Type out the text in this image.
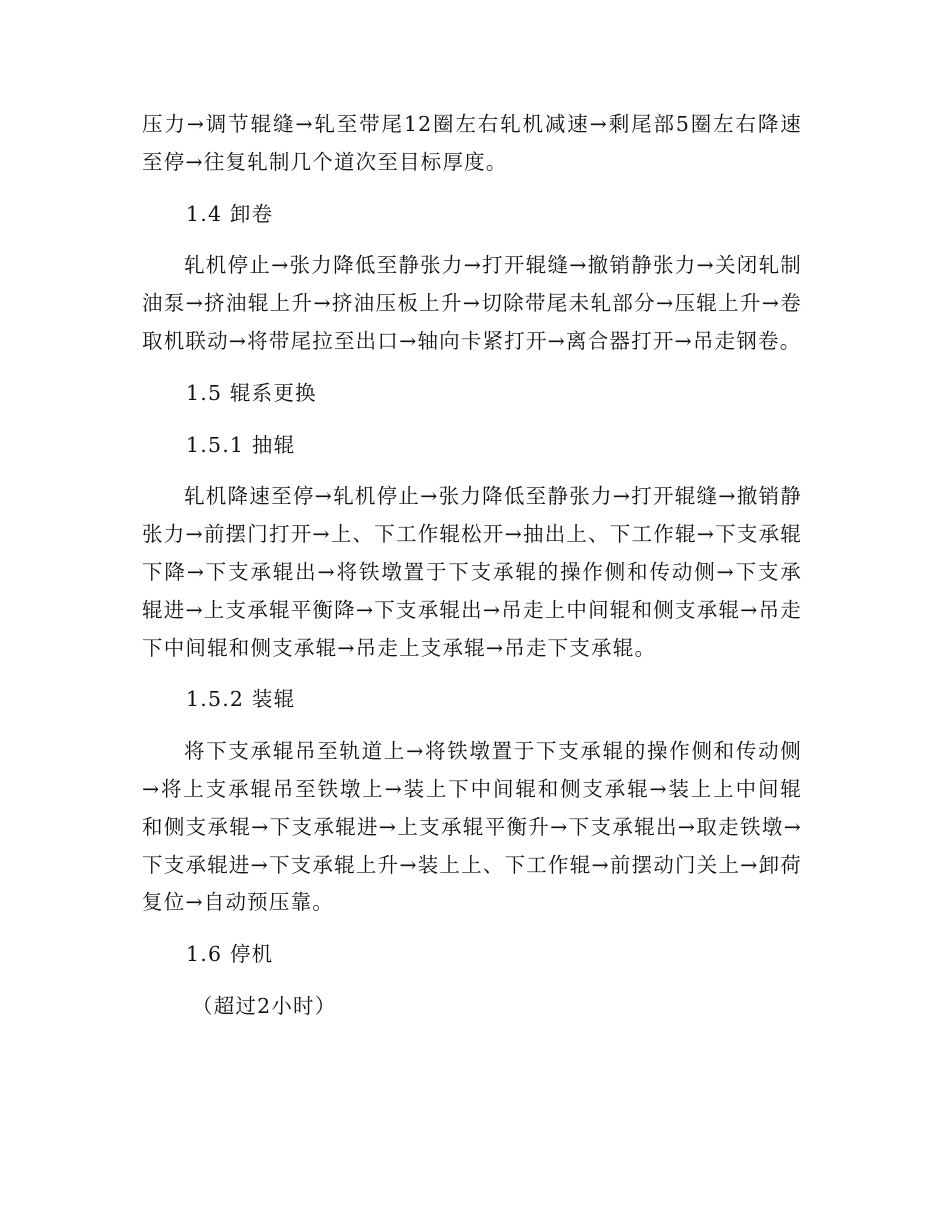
压力→调节辊缝→轧至带尾12圈左右轧机减速→剩尾部5圈左右降速至停→往复轧制几个道次至目标厚度。

1.4 卸卷

轧机停止→张力降低至静张力→打开辊缝→撤销静张力→关闭轧制油泵→挤油辊上升→挤油压板上升→切除带尾未轧部分→压辊上升→卷取机联动→将带尾拉至出口→轴向卡紧打开→离合器打开→吊走钢卷。

1.5 辊系更换

1.5.1 抽辊

轧机降速至停→轧机停止→张力降低至静张力→打开辊缝→撤销静张力→前摆门打开→上、下工作辊松开→抽出上、下工作辊→下支承辊下降→下支承辊出→将铁墩置于下支承辊的操作侧和传动侧→下支承辊进→上支承辊平衡降→下支承辊出→吊走上中间辊和侧支承辊→吊走下中间辊和侧支承辊→吊走上支承辊→吊走下支承辊。

1.5.2 装辊

将下支承辊吊至轨道上→将铁墩置于下支承辊的操作侧和传动侧→将上支承辊吊至铁墩上→装上下中间辊和侧支承辊→装上上中间辊和侧支承辊→下支承辊进→上支承辊平衡升→下支承辊出→取走铁墩→下支承辊进→下支承辊上升→装上上、下工作辊→前摆动门关上→卸荷复位→自动预压靠。

1.6 停机

（超过2小时）
